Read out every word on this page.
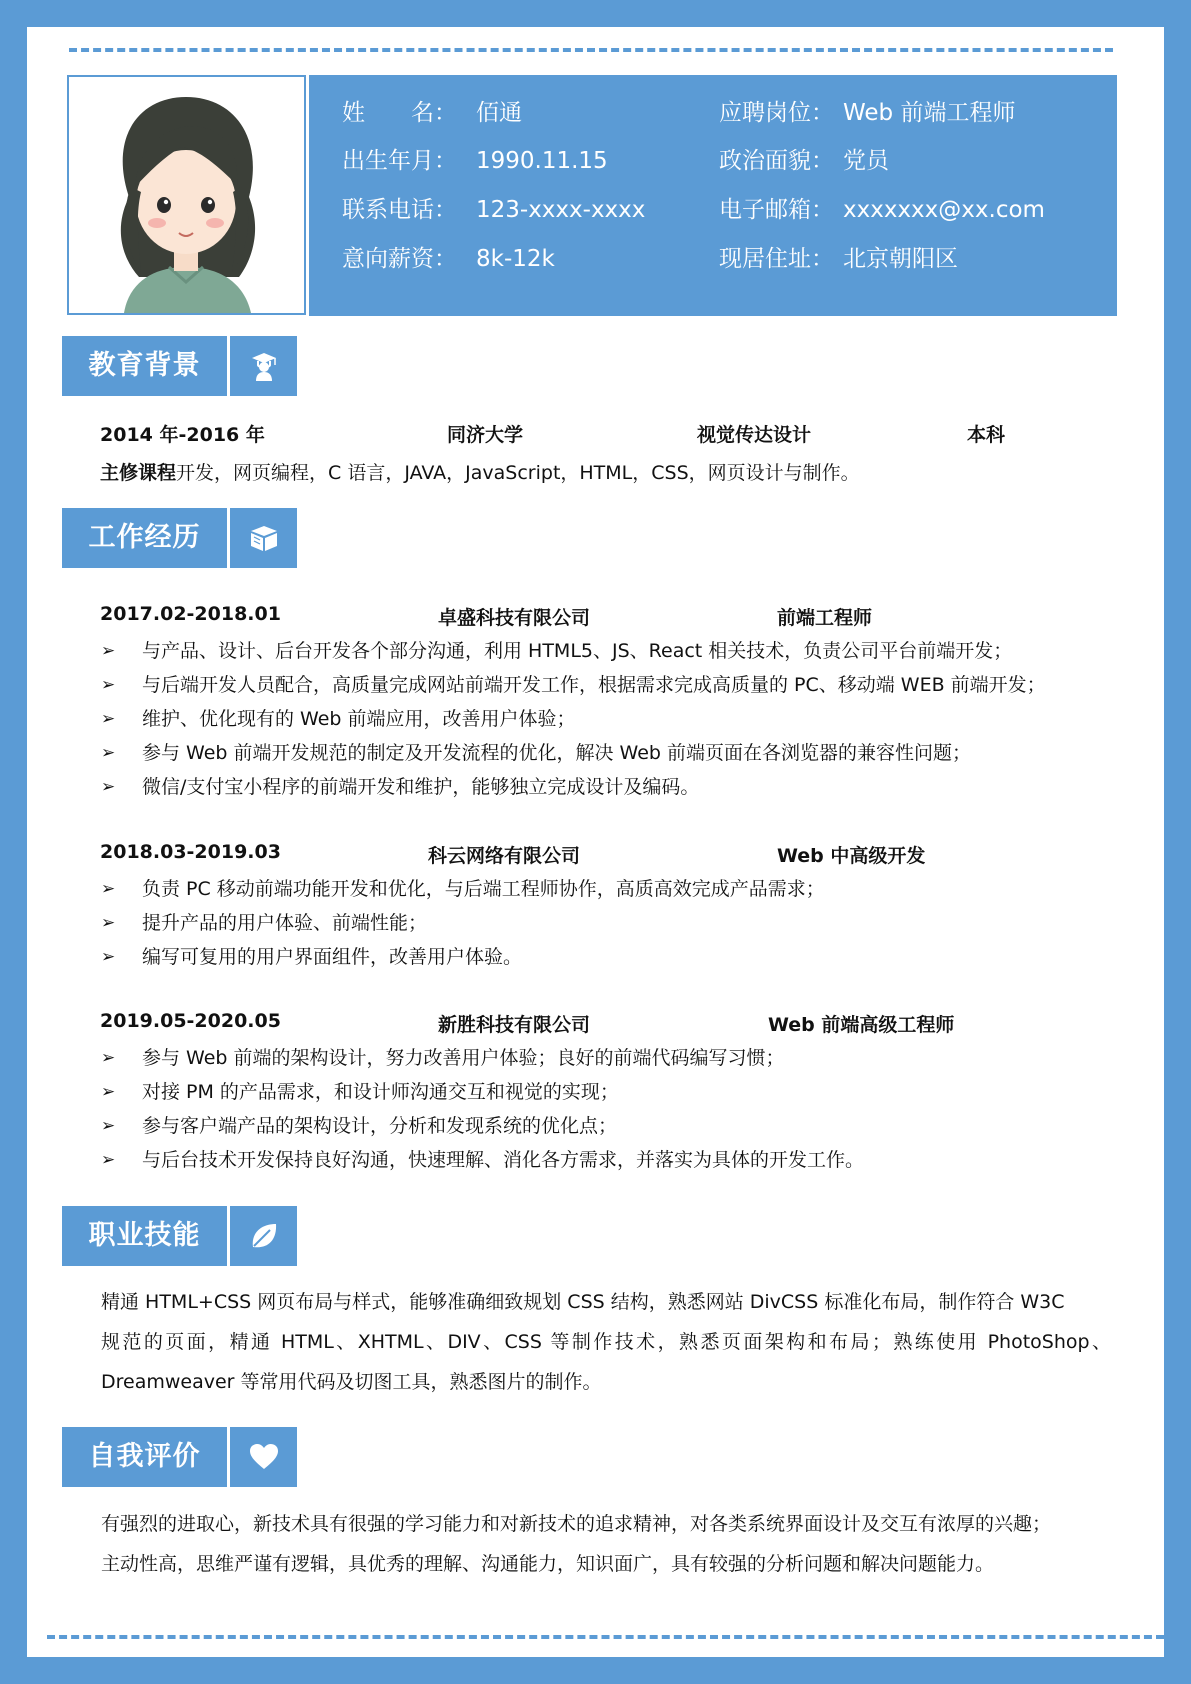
姓　　名： 佰通	应聘岗位： Web 前端工程师
出生年月： 1990.11.15	政治面貌： 党员
联系电话： 123-xxxx-xxxx	电子邮箱： xxxxxxx@xx.com
意向薪资： 8k-12k	现居住址： 北京朝阳区
教育背景
2014 年-2016 年	同济大学	视觉传达设计	本科
主修课程开发，网页编程，C 语言，JAVA，JavaScript，HTML，CSS，网页设计与制作。
工作经历
2017.02-2018.01	卓盛科技有限公司	前端工程师
➢ 与产品、设计、后台开发各个部分沟通，利用 HTML5、JS、React 相关技术，负责公司平台前端开发；
➢ 与后端开发人员配合，高质量完成网站前端开发工作，根据需求完成高质量的 PC、移动端 WEB 前端开发；
➢ 维护、优化现有的 Web 前端应用，改善用户体验；
➢ 参与 Web 前端开发规范的制定及开发流程的优化，解决 Web 前端页面在各浏览器的兼容性问题；
➢ 微信/支付宝小程序的前端开发和维护，能够独立完成设计及编码。
2018.03-2019.03	科云网络有限公司	Web 中高级开发
➢ 负责 PC 移动前端功能开发和优化，与后端工程师协作，高质高效完成产品需求；
➢ 提升产品的用户体验、前端性能；
➢ 编写可复用的用户界面组件，改善用户体验。
2019.05-2020.05	新胜科技有限公司	Web 前端高级工程师
➢ 参与 Web 前端的架构设计，努力改善用户体验；良好的前端代码编写习惯；
➢ 对接 PM 的产品需求，和设计师沟通交互和视觉的实现；
➢ 参与客户端产品的架构设计，分析和发现系统的优化点；
➢ 与后台技术开发保持良好沟通，快速理解、消化各方需求，并落实为具体的开发工作。
职业技能
精通 HTML+CSS 网页布局与样式，能够准确细致规划 CSS 结构，熟悉网站 DivCSS 标准化布局，制作符合 W3C
规范的页面，精通 HTML、XHTML、DIV、CSS 等制作技术，熟悉页面架构和布局；熟练使用 PhotoShop、
Dreamweaver 等常用代码及切图工具，熟悉图片的制作。
自我评价
有强烈的进取心，新技术具有很强的学习能力和对新技术的追求精神，对各类系统界面设计及交互有浓厚的兴趣；
主动性高，思维严谨有逻辑，具优秀的理解、沟通能力，知识面广，具有较强的分析问题和解决问题能力。
